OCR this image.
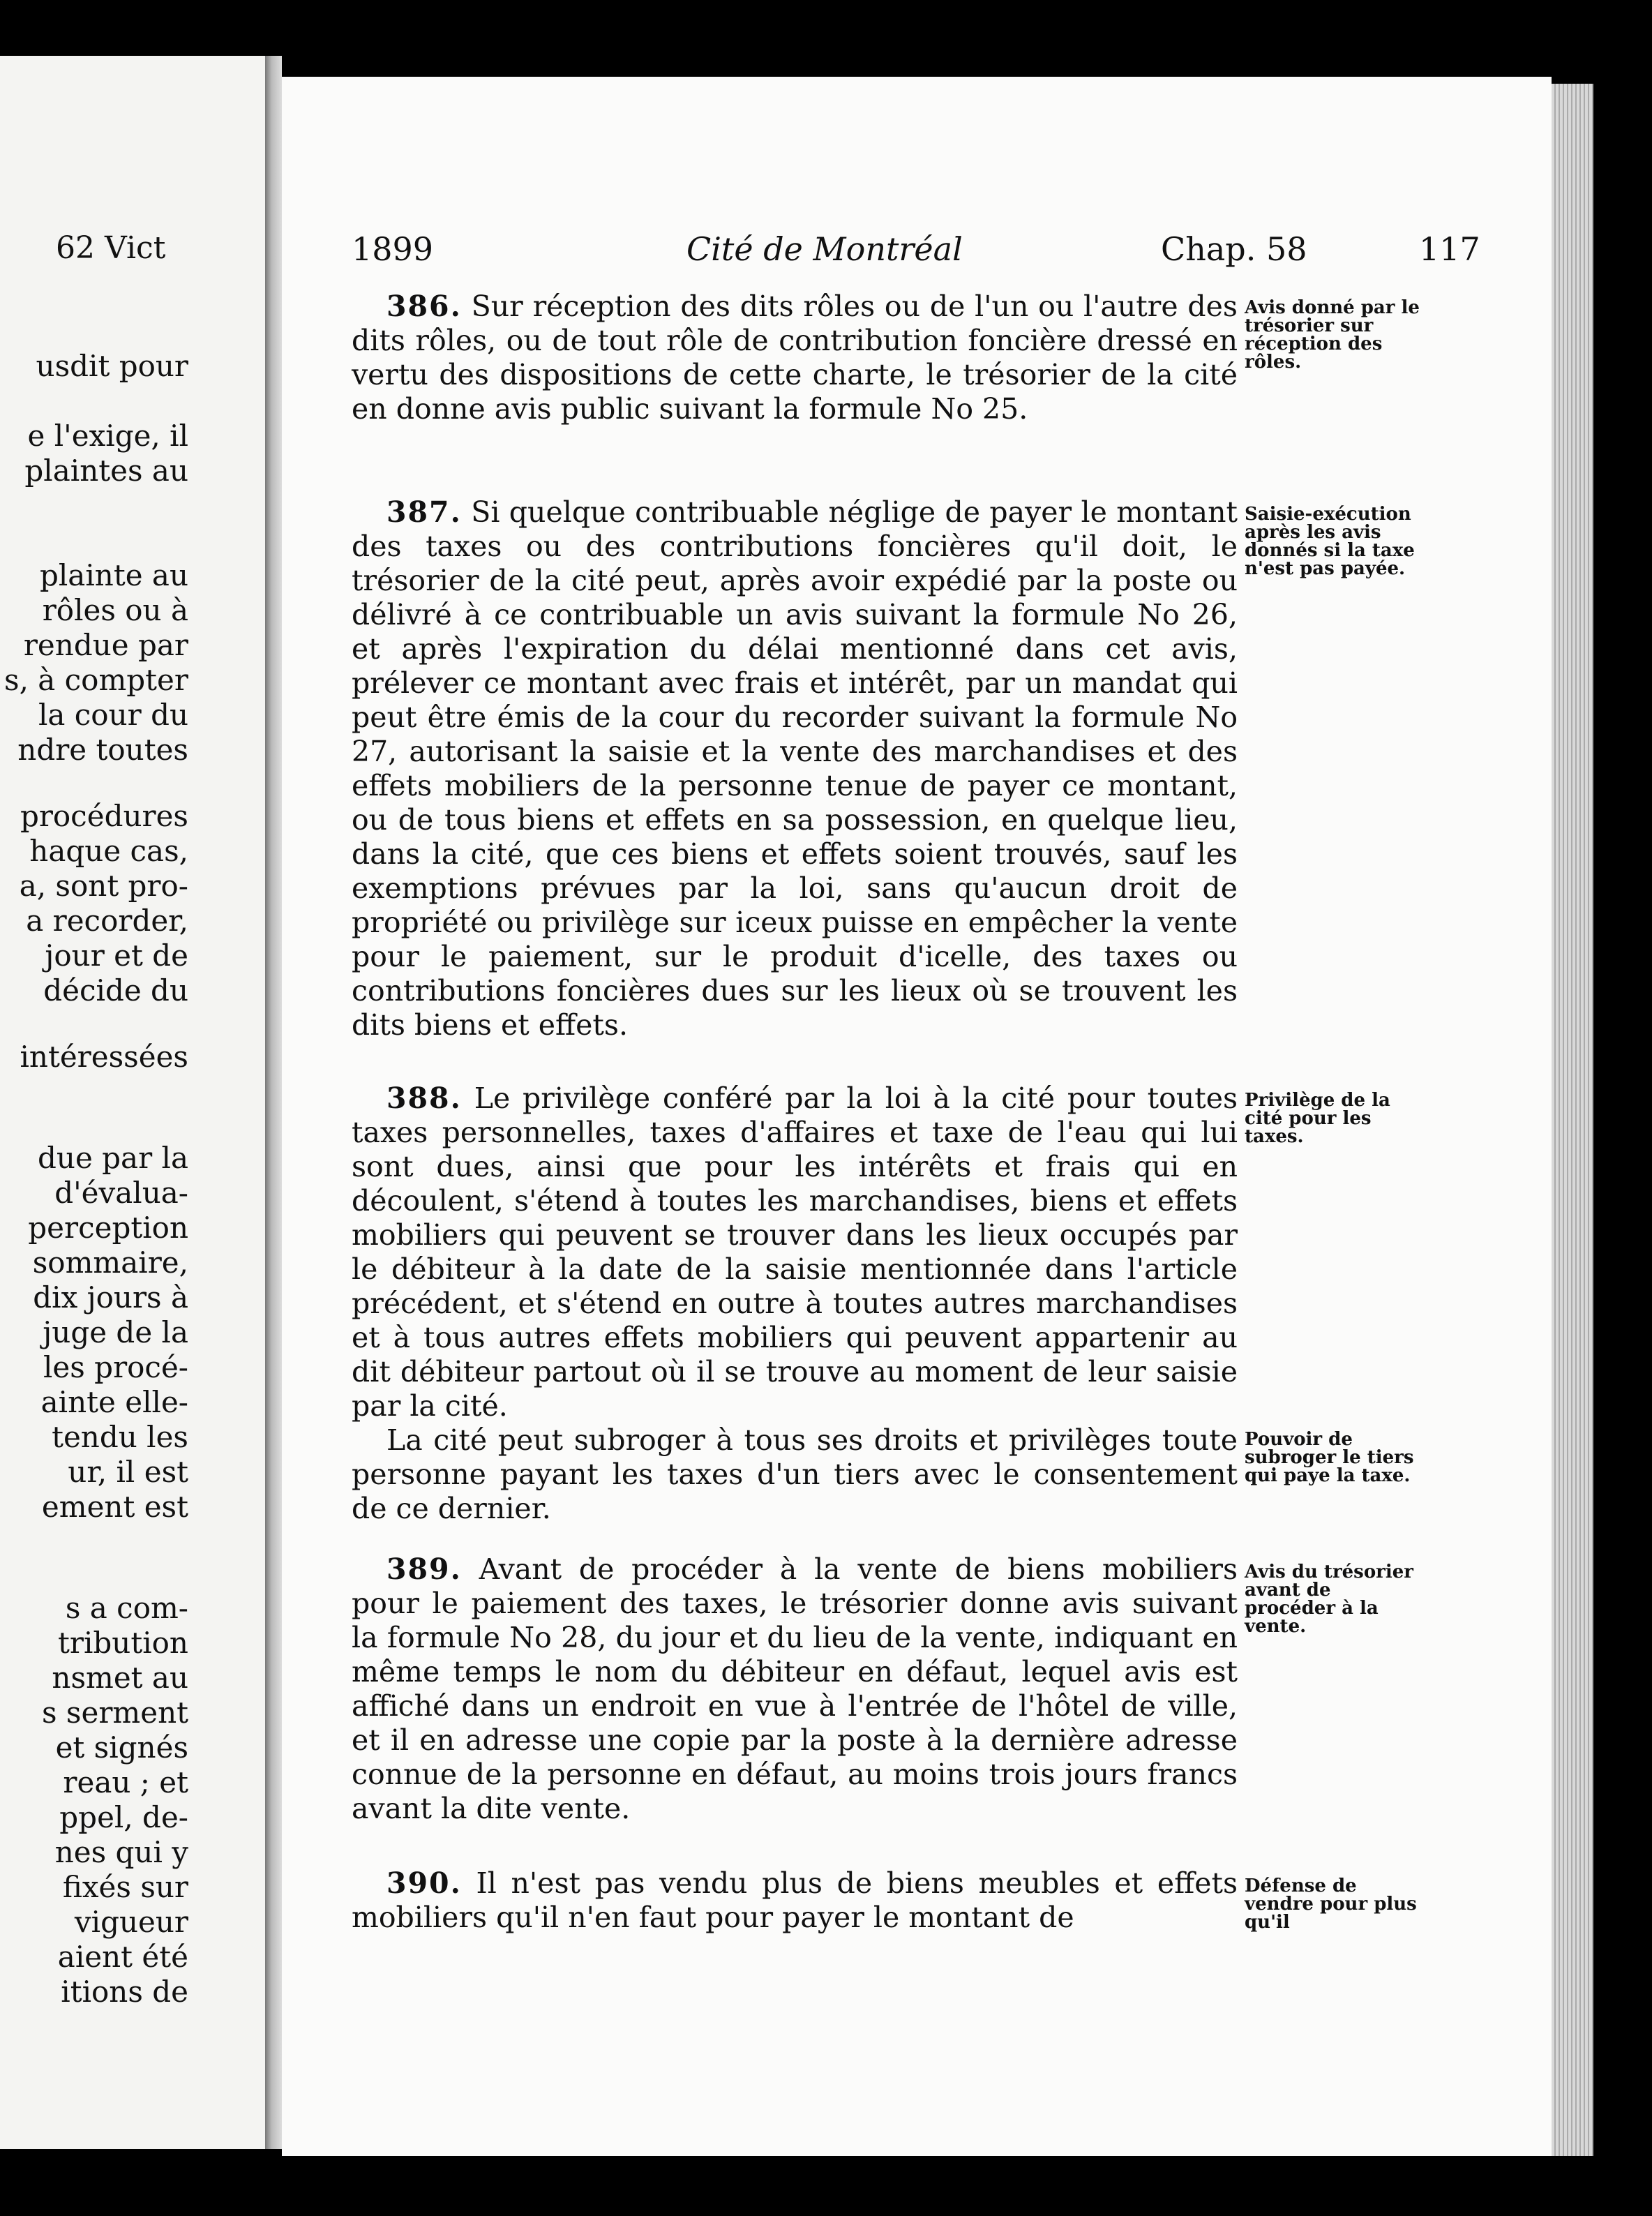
62 Vict
usdit pour
e l'exige, il
plaintes au
plainte au
rôles ou à
rendue par
s, à compter
la cour du
ndre toutes
procédures
haque cas,
a, sont pro-
a recorder,
jour et de
décide du
intéressées
due par la
d'évalua-
perception
sommaire,
dix jours à
juge de la
les procé-
ainte elle-
tendu les
ur, il est
ement est
s a com-
tribution
nsmet au
s serment
et signés
reau ; et
ppel, de-
nes qui y
fixés sur
vigueur
aient été
itions de
1899	Cité de Montréal	Chap. 58	117

386. Sur réception des dits rôles ou de l'un ou l'autre des dits rôles, ou de tout rôle de contribution foncière dressé en vertu des dispositions de cette charte, le trésorier de la cité en donne avis public suivant la formule No 25.

Avis donné par le trésorier sur réception des rôles.

387. Si quelque contribuable néglige de payer le montant des taxes ou des contributions foncières qu'il doit, le trésorier de la cité peut, après avoir expédié par la poste ou délivré à ce contribuable un avis suivant la formule No 26, et après l'expiration du délai mentionné dans cet avis, prélever ce montant avec frais et intérêt, par un mandat qui peut être émis de la cour du recorder suivant la formule No 27, autorisant la saisie et la vente des marchandises et des effets mobiliers de la personne tenue de payer ce montant, ou de tous biens et effets en sa possession, en quelque lieu, dans la cité, que ces biens et effets soient trouvés, sauf les exemptions prévues par la loi, sans qu'aucun droit de propriété ou privilège sur iceux puisse en empêcher la vente pour le paiement, sur le produit d'icelle, des taxes ou contributions foncières dues sur les lieux où se trouvent les dits biens et effets.

Saisie-exécution après les avis donnés si la taxe n'est pas payée.

388. Le privilège conféré par la loi à la cité pour toutes taxes personnelles, taxes d'affaires et taxe de l'eau qui lui sont dues, ainsi que pour les intérêts et frais qui en découlent, s'étend à toutes les marchandises, biens et effets mobiliers qui peuvent se trouver dans les lieux occupés par le débiteur à la date de la saisie mentionnée dans l'article précédent, et s'étend en outre à toutes autres marchandises et à tous autres effets mobiliers qui peuvent appartenir au dit débiteur partout où il se trouve au moment de leur saisie par la cité.

La cité peut subroger à tous ses droits et privilèges toute personne payant les taxes d'un tiers avec le consentement de ce dernier.

Privilège de la cité pour les taxes.
Pouvoir de subroger le tiers qui paye la taxe.

389. Avant de procéder à la vente de biens mobiliers pour le paiement des taxes, le trésorier donne avis suivant la formule No 28, du jour et du lieu de la vente, indiquant en même temps le nom du débiteur en défaut, lequel avis est affiché dans un endroit en vue à l'entrée de l'hôtel de ville, et il en adresse une copie par la poste à la dernière adresse connue de la personne en défaut, au moins trois jours francs avant la dite vente.

Avis du trésorier avant de procéder à la vente.

390. Il n'est pas vendu plus de biens meubles et effets mobiliers qu'il n'en faut pour payer le montant de

Défense de vendre pour plus qu'il
